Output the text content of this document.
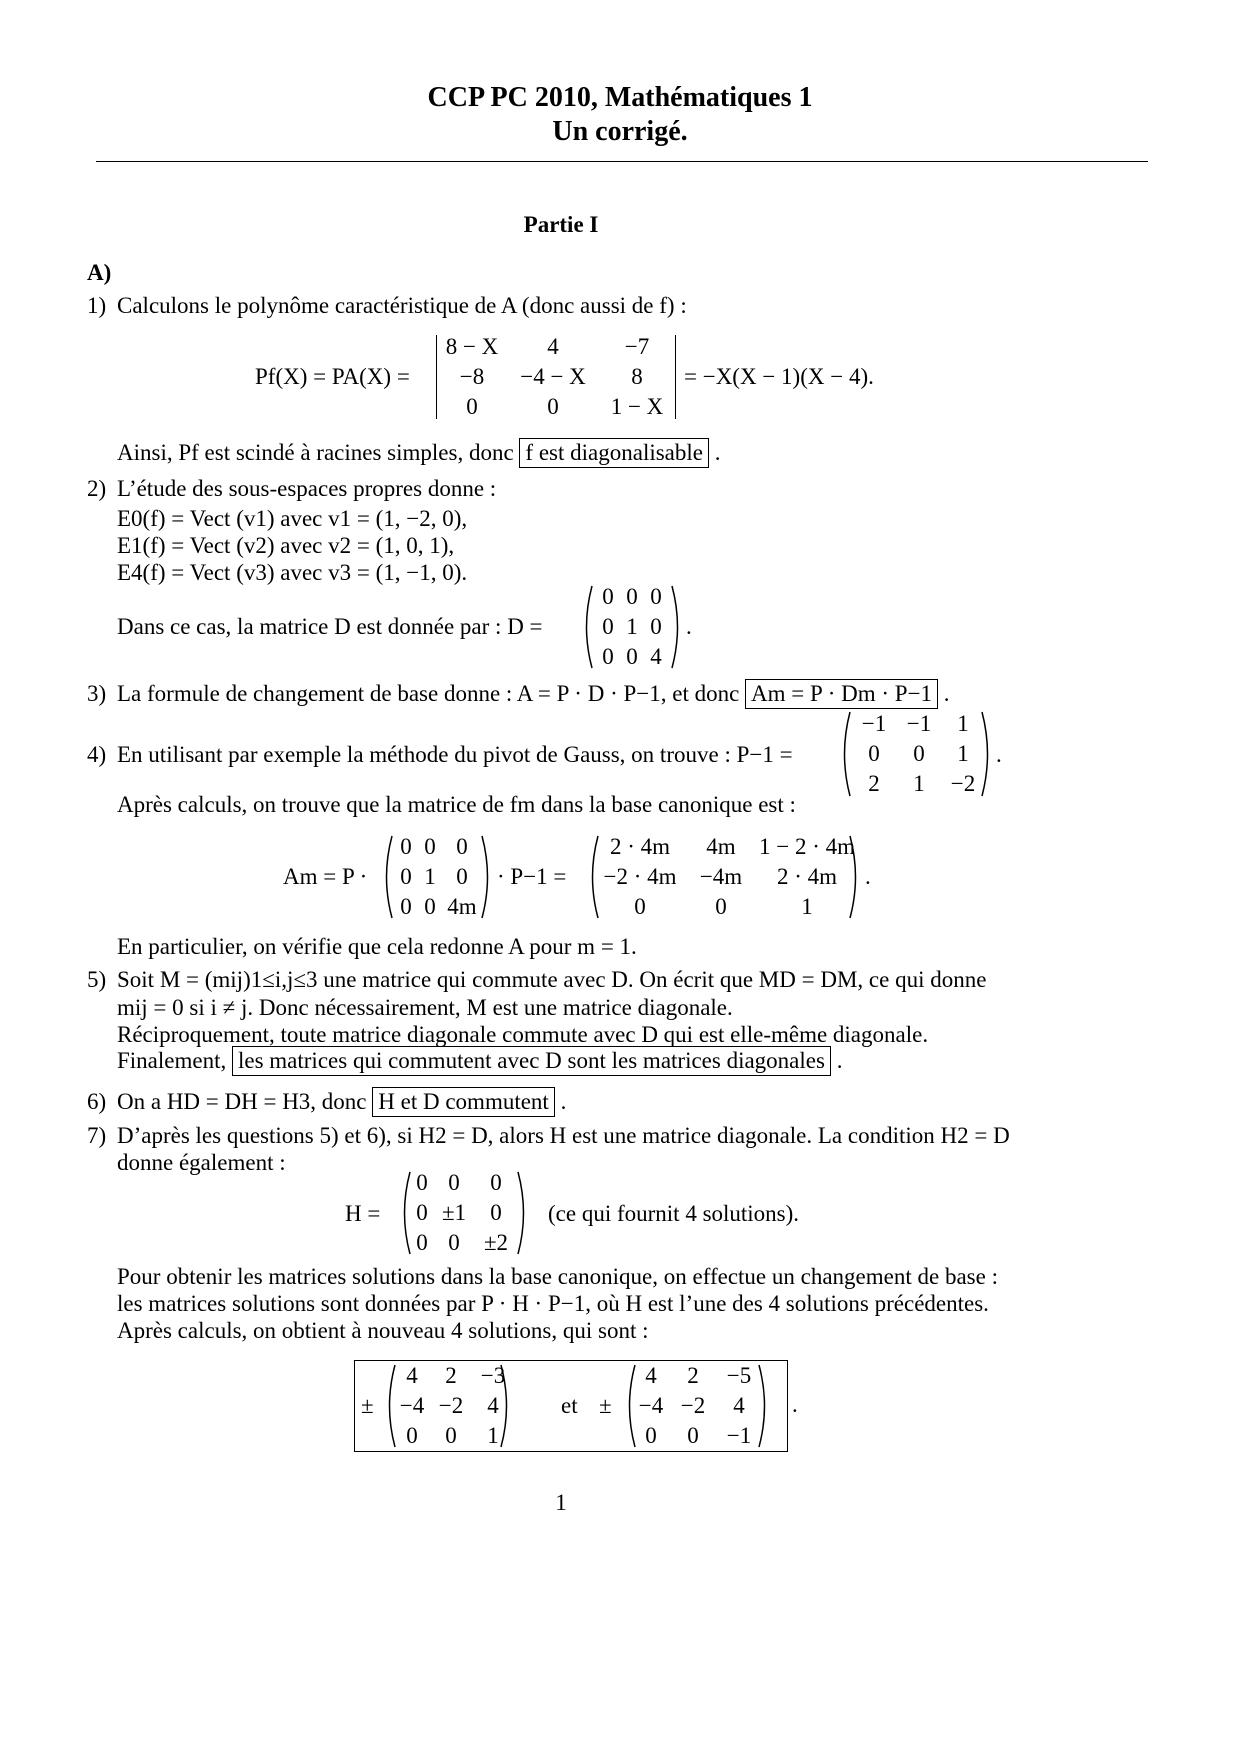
CCP PC 2010, Mathématiques 1
Un corrigé.
Partie I
A)
1) Calculons le polynôme caractéristique de A (donc aussi de f) :
Pf(X) = PA(X) =
8 − X	4	−7
−8	−4 − X	8
0	0	1 − X
= −X(X − 1)(X − 4).
Ainsi, Pf est scindé à racines simples, donc f est diagonalisable .
2) L’étude des sous-espaces propres donne :
E0(f) = Vect (v1) avec v1 = (1, −2, 0),
E1(f) = Vect (v2) avec v2 = (1, 0, 1),
E4(f) = Vect (v3) avec v3 = (1, −1, 0).
Dans ce cas, la matrice D est donnée par : D =
0 0 0
0 1 0
0 0 4
.
3) La formule de changement de base donne : A = P · D · P−1, et donc Am = P · Dm · P−1 .
4) En utilisant par exemple la méthode du pivot de Gauss, on trouve : P−1 =
−1 −1	1
0	0	1
2	1	−2
.
Après calculs, on trouve que la matrice de fm dans la base canonique est :
Am = P ·
0 0 0
0 1 0
0 0 4m
· P−1 =
2 · 4m	4m	1 − 2 · 4m
−2 · 4m	−4m	2 · 4m
0	0	1
.
En particulier, on vérifie que cela redonne A pour m = 1.
5) Soit M = (mij)1≤i,j≤3 une matrice qui commute avec D. On écrit que MD = DM, ce qui donne
mij = 0 si i ≠ j. Donc nécessairement, M est une matrice diagonale.
Réciproquement, toute matrice diagonale commute avec D qui est elle-même diagonale.
Finalement, les matrices qui commutent avec D sont les matrices diagonales .
6) On a HD = DH = H3, donc H et D commutent .
7) D’après les questions 5) et 6), si H2 = D, alors H est une matrice diagonale. La condition H2 = D
donne également :
H =
0 0	0
0 ±1	0
0 0	±2
(ce qui fournit 4 solutions).
Pour obtenir les matrices solutions dans la base canonique, on effectue un changement de base :
les matrices solutions sont données par P · H · P−1, où H est l’une des 4 solutions précédentes.
Après calculs, on obtient à nouveau 4 solutions, qui sont :
±
4	2	−3
−4 −2	4
0	0	1
et ±
4	2	−5
−4 −2	4
0	0	−1
.
1
